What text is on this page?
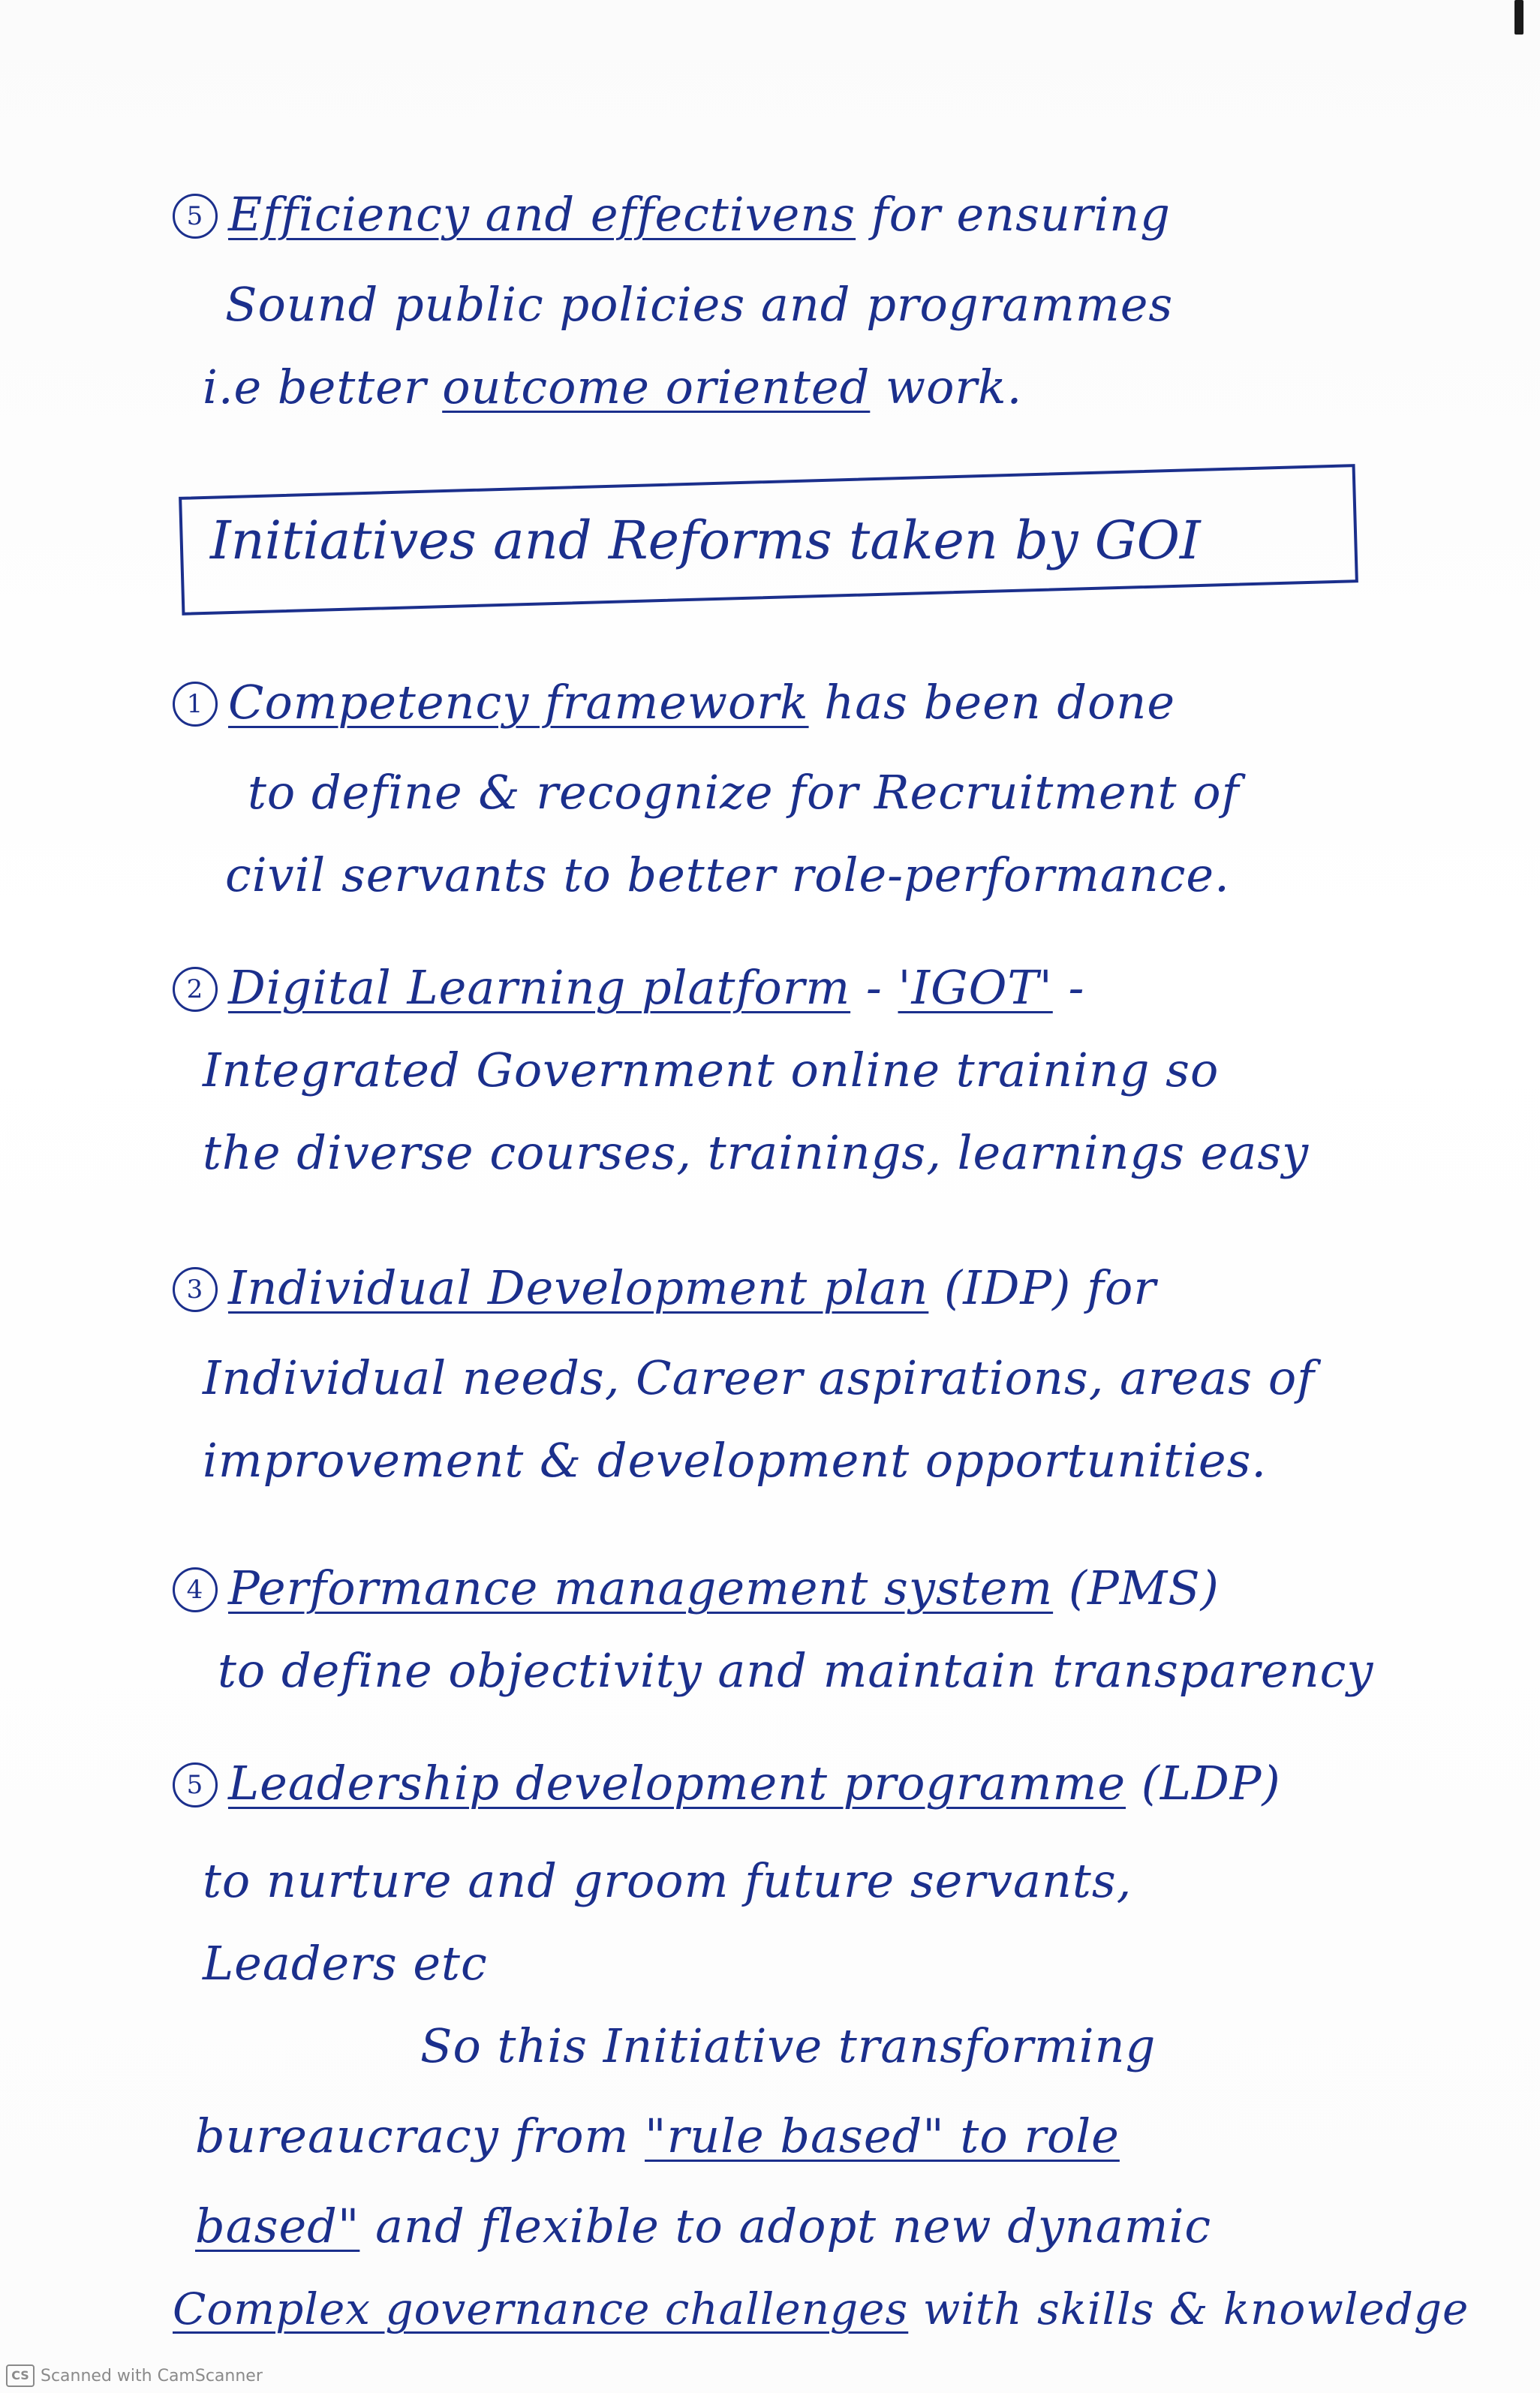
5 Efficiency and effectivens for ensuring
Sound public policies and programmes
i.e better outcome oriented work.
Initiatives and Reforms taken by GOI
1 Competency framework has been done
to define & recognize for Recruitment of
civil servants to better role-performance.
2 Digital Learning platform - 'IGOT' -
Integrated Government online training so
the diverse courses, trainings, learnings easy
3 Individual Development plan (IDP) for
Individual needs, Career aspirations, areas of
improvement & development opportunities.
4 Performance management system (PMS)
to define objectivity and maintain transparency
5 Leadership development programme (LDP)
to nurture and groom future servants,
Leaders etc
So this Initiative transforming
bureaucracy from "rule based" to role
based" and flexible to adopt new dynamic
Complex governance challenges with skills & knowledge
CS Scanned with CamScanner
